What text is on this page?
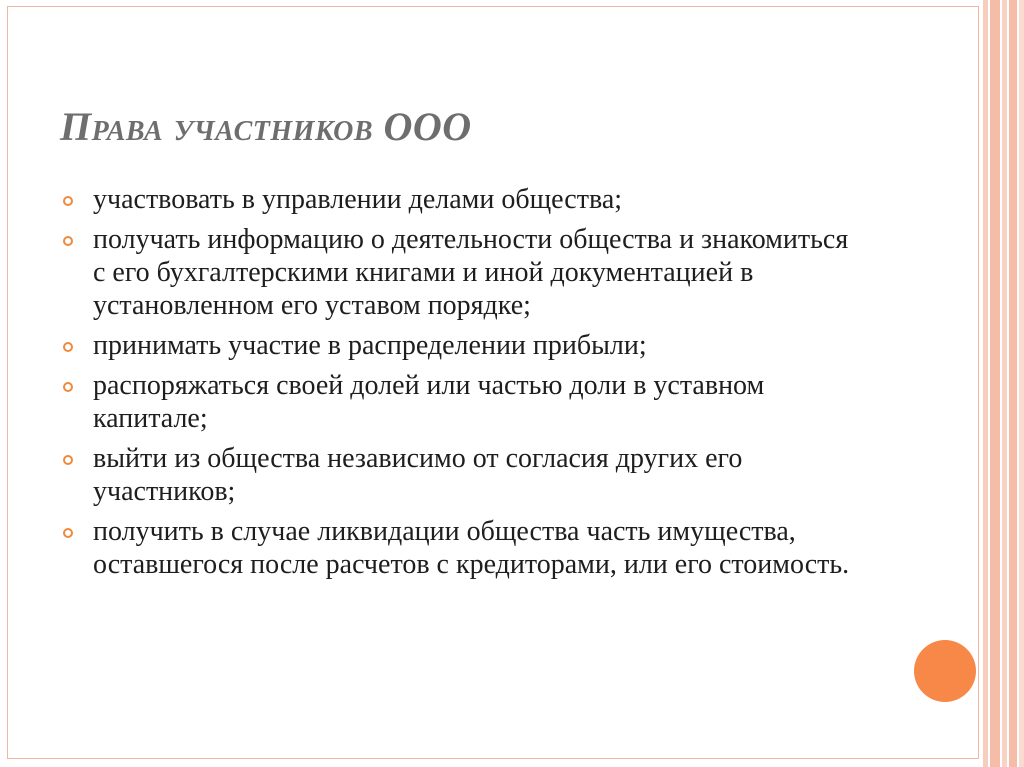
Права участников ООО
участвовать в управлении делами общества;
получать информацию о деятельности общества и знакомиться с его бухгалтерскими книгами и иной документацией в установленном его уставом порядке;
принимать участие в распределении прибыли;
распоряжаться своей долей или частью доли в уставном капитале;
выйти из общества независимо от согласия других его участников;
получить в случае ликвидации общества часть имущества, оставшегося после расчетов с кредиторами, или его стоимость.
